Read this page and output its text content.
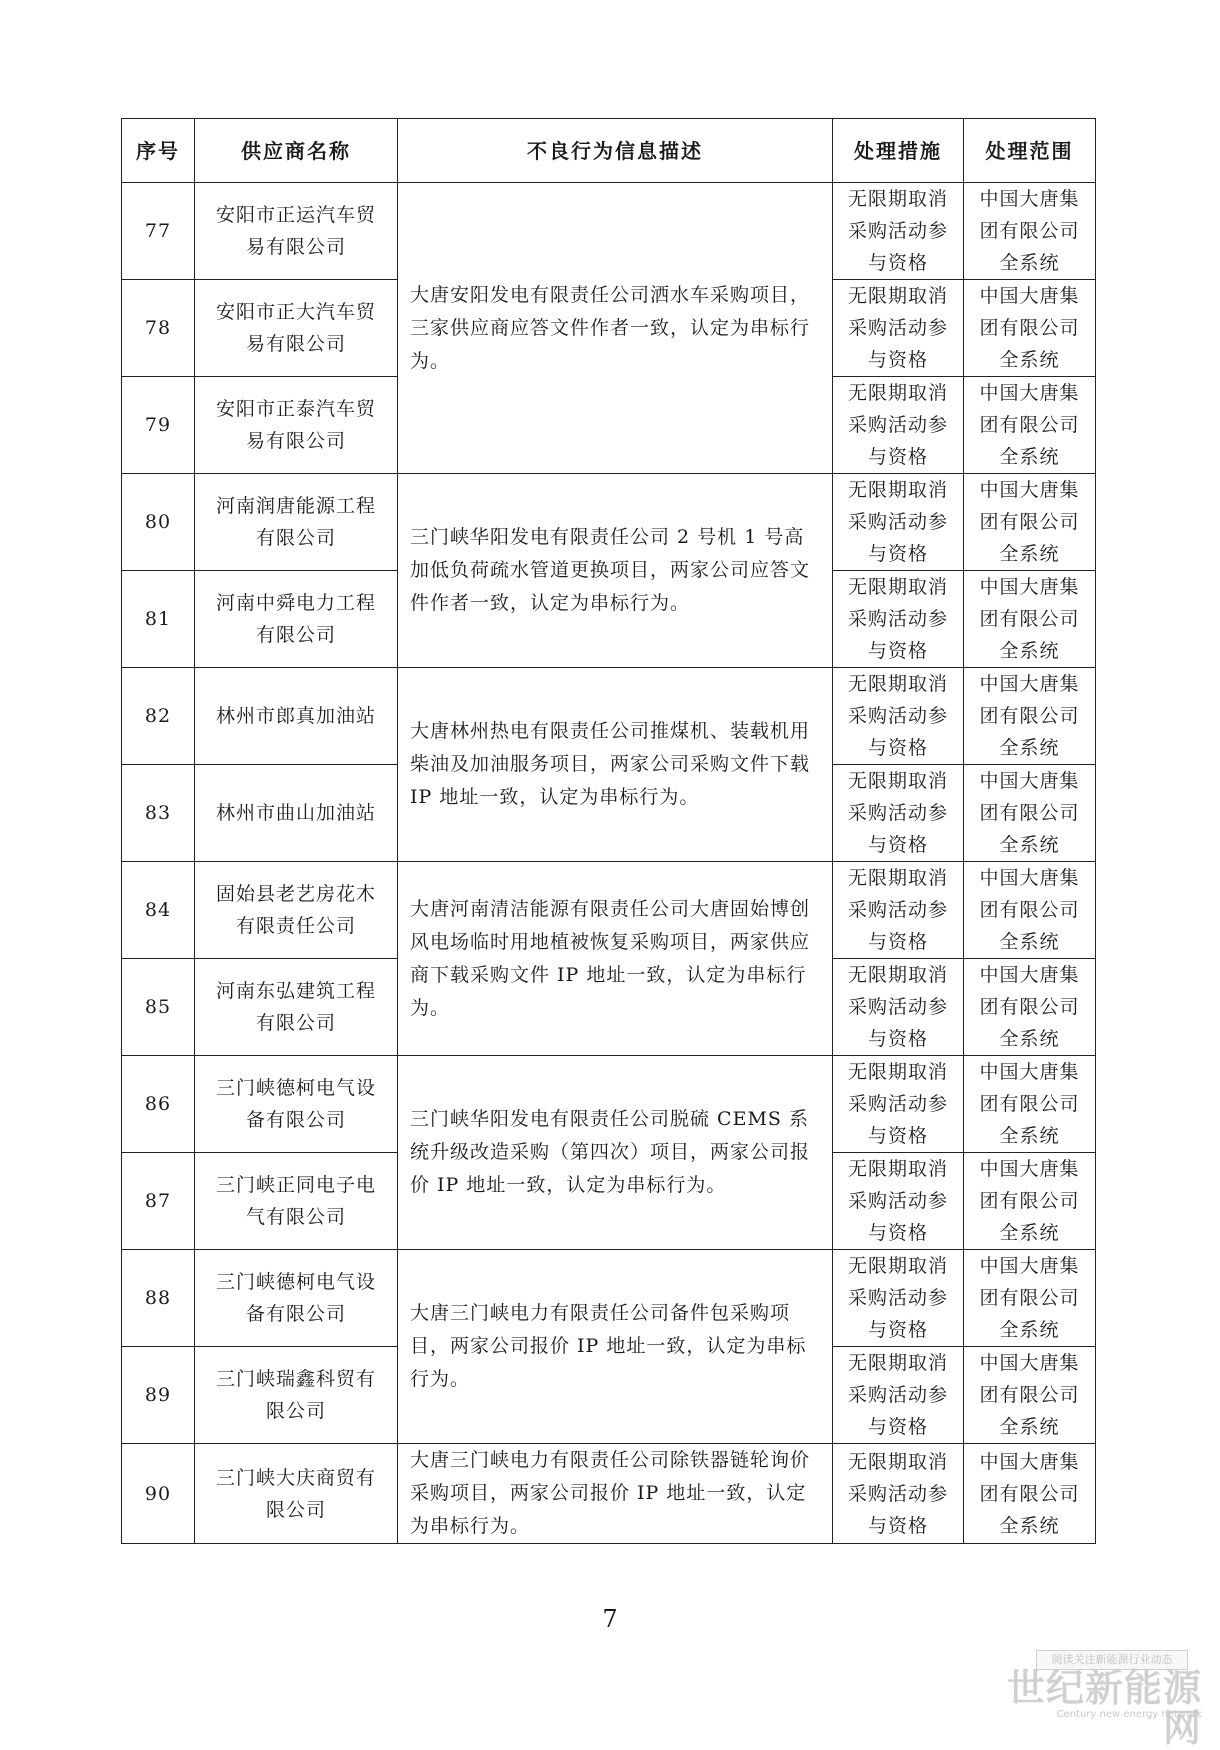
序号	供应商名称	不良行为信息描述	处理措施	处理范围
77	安阳市正运汽车贸易有限公司	大唐安阳发电有限责任公司洒水车采购项目，三家供应商应答文件作者一致，认定为串标行为。	无限期取消采购活动参与资格	中国大唐集团有限公司全系统
78	安阳市正大汽车贸易有限公司		无限期取消采购活动参与资格	中国大唐集团有限公司全系统
79	安阳市正泰汽车贸易有限公司		无限期取消采购活动参与资格	中国大唐集团有限公司全系统
80	河南润唐能源工程有限公司	三门峡华阳发电有限责任公司 2 号机 1 号高加低负荷疏水管道更换项目，两家公司应答文件作者一致，认定为串标行为。	无限期取消采购活动参与资格	中国大唐集团有限公司全系统
81	河南中舜电力工程有限公司		无限期取消采购活动参与资格	中国大唐集团有限公司全系统
82	林州市郎真加油站	大唐林州热电有限责任公司推煤机、装载机用柴油及加油服务项目，两家公司采购文件下载 IP 地址一致，认定为串标行为。	无限期取消采购活动参与资格	中国大唐集团有限公司全系统
83	林州市曲山加油站		无限期取消采购活动参与资格	中国大唐集团有限公司全系统
84	固始县老艺房花木有限责任公司	大唐河南清洁能源有限责任公司大唐固始博创风电场临时用地植被恢复采购项目，两家供应商下载采购文件 IP 地址一致，认定为串标行为。	无限期取消采购活动参与资格	中国大唐集团有限公司全系统
85	河南东弘建筑工程有限公司		无限期取消采购活动参与资格	中国大唐集团有限公司全系统
86	三门峡德柯电气设备有限公司	三门峡华阳发电有限责任公司脱硫 CEMS 系统升级改造采购（第四次）项目，两家公司报价 IP 地址一致，认定为串标行为。	无限期取消采购活动参与资格	中国大唐集团有限公司全系统
87	三门峡正同电子电气有限公司		无限期取消采购活动参与资格	中国大唐集团有限公司全系统
88	三门峡德柯电气设备有限公司	大唐三门峡电力有限责任公司备件包采购项目，两家公司报价 IP 地址一致，认定为串标行为。	无限期取消采购活动参与资格	中国大唐集团有限公司全系统
89	三门峡瑞鑫科贸有限公司		无限期取消采购活动参与资格	中国大唐集团有限公司全系统
90	三门峡大庆商贸有限公司	大唐三门峡电力有限责任公司除铁器链轮询价采购项目，两家公司报价 IP 地址一致，认定为串标行为。	无限期取消采购活动参与资格	中国大唐集团有限公司全系统
7
阅读关注新能源行业动态
世纪新能源网
Century new energy network
